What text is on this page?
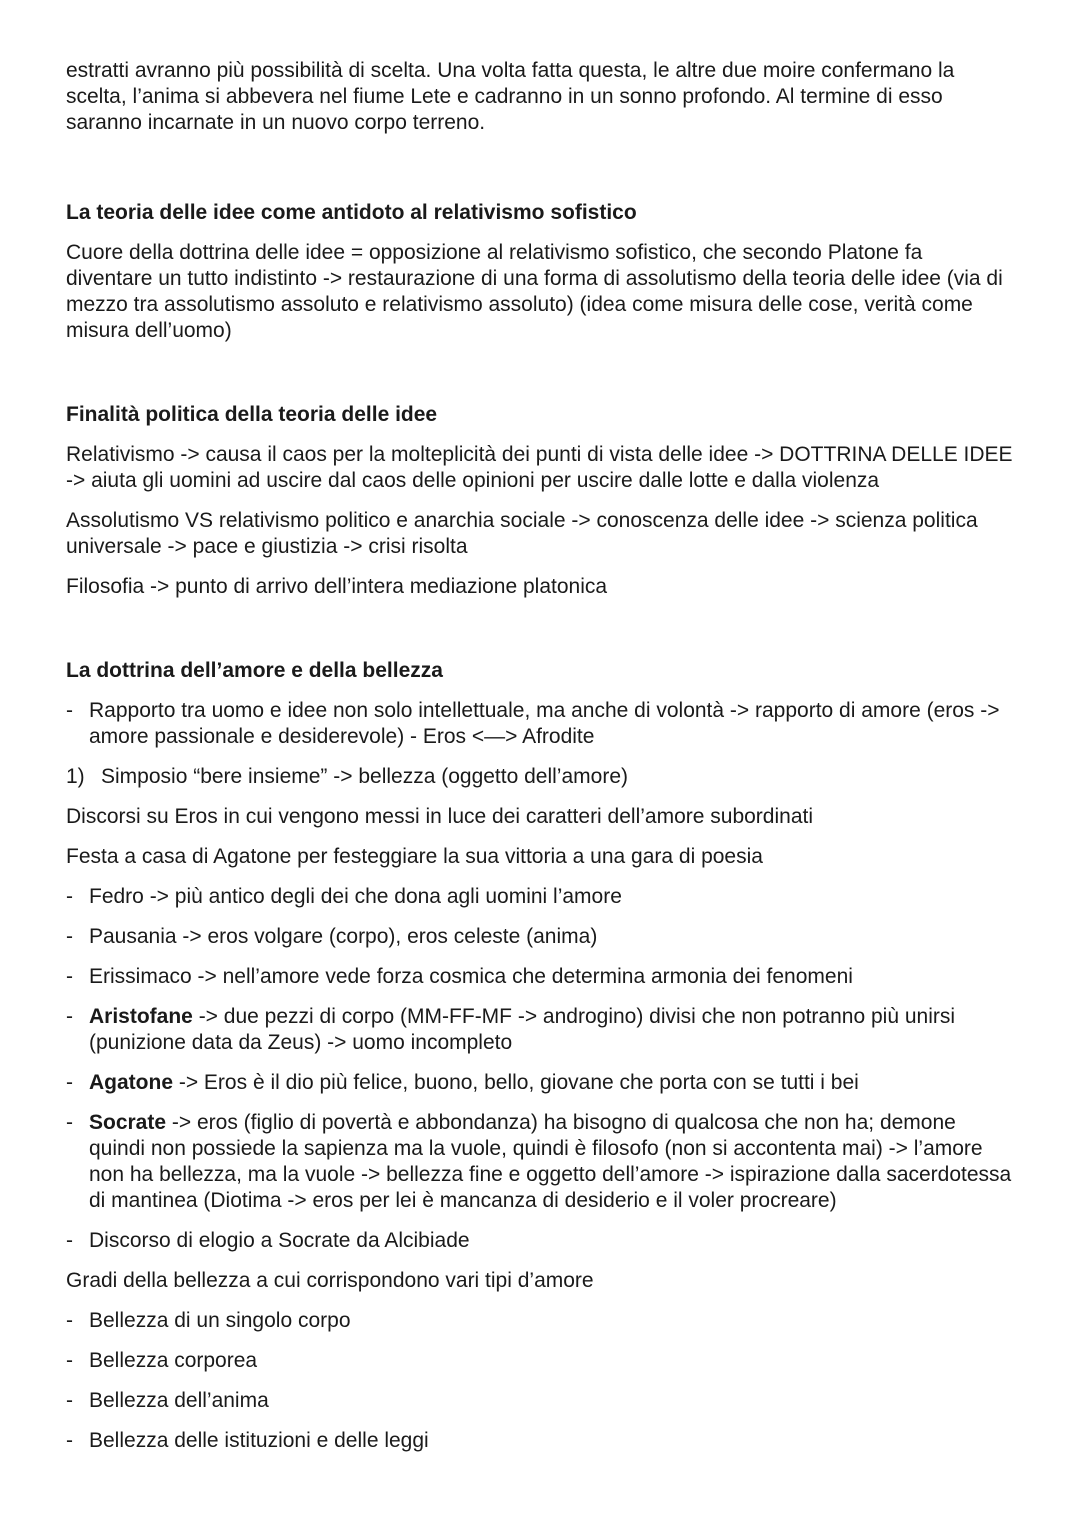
estratti avranno più possibilità di scelta. Una volta fatta questa, le altre due moire confermano la scelta, l’anima si abbevera nel fiume Lete e cadranno in un sonno profondo. Al termine di esso saranno incarnate in un nuovo corpo terreno.

La teoria delle idee come antidoto al relativismo sofistico

Cuore della dottrina delle idee = opposizione al relativismo sofistico, che secondo Platone fa diventare un tutto indistinto -> restaurazione di una forma di assolutismo della teoria delle idee (via di mezzo tra assolutismo assoluto e relativismo assoluto) (idea come misura delle cose, verità come misura dell’uomo)

Finalità politica della teoria delle idee

Relativismo -> causa il caos per la molteplicità dei punti di vista delle idee -> DOTTRINA DELLE IDEE -> aiuta gli uomini ad uscire dal caos delle opinioni per uscire dalle lotte e dalla violenza

Assolutismo VS relativismo politico e anarchia sociale -> conoscenza delle idee -> scienza politica universale -> pace e giustizia -> crisi risolta

Filosofia -> punto di arrivo dell’intera mediazione platonica

La dottrina dell’amore e della bellezza
- Rapporto tra uomo e idee non solo intellettuale, ma anche di volontà -> rapporto di amore (eros -> amore passionale e desiderevole) - Eros <—> Afrodite
1) Simposio “bere insieme” -> bellezza (oggetto dell’amore)

Discorsi su Eros in cui vengono messi in luce dei caratteri dell’amore subordinati

Festa a casa di Agatone per festeggiare la sua vittoria a una gara di poesia

- Fedro -> più antico degli dei che dona agli uomini l’amore
- Pausania -> eros volgare (corpo), eros celeste (anima)
- Erissimaco -> nell’amore vede forza cosmica che determina armonia dei fenomeni
- Aristofane -> due pezzi di corpo (MM-FF-MF -> androgino) divisi che non potranno più unirsi (punizione data da Zeus) -> uomo incompleto
- Agatone -> Eros è il dio più felice, buono, bello, giovane che porta con se tutti i bei
- Socrate -> eros (figlio di povertà e abbondanza) ha bisogno di qualcosa che non ha; demone quindi non possiede la sapienza ma la vuole, quindi è filosofo (non si accontenta mai) -> l’amore non ha bellezza, ma la vuole -> bellezza fine e oggetto dell’amore -> ispirazione dalla sacerdotessa di mantinea (Diotima -> eros per lei è mancanza di desiderio e il voler procreare)
- Discorso di elogio a Socrate da Alcibiade

Gradi della bellezza a cui corrispondono vari tipi d’amore

- Bellezza di un singolo corpo
- Bellezza corporea
- Bellezza dell’anima
- Bellezza delle istituzioni e delle leggi
